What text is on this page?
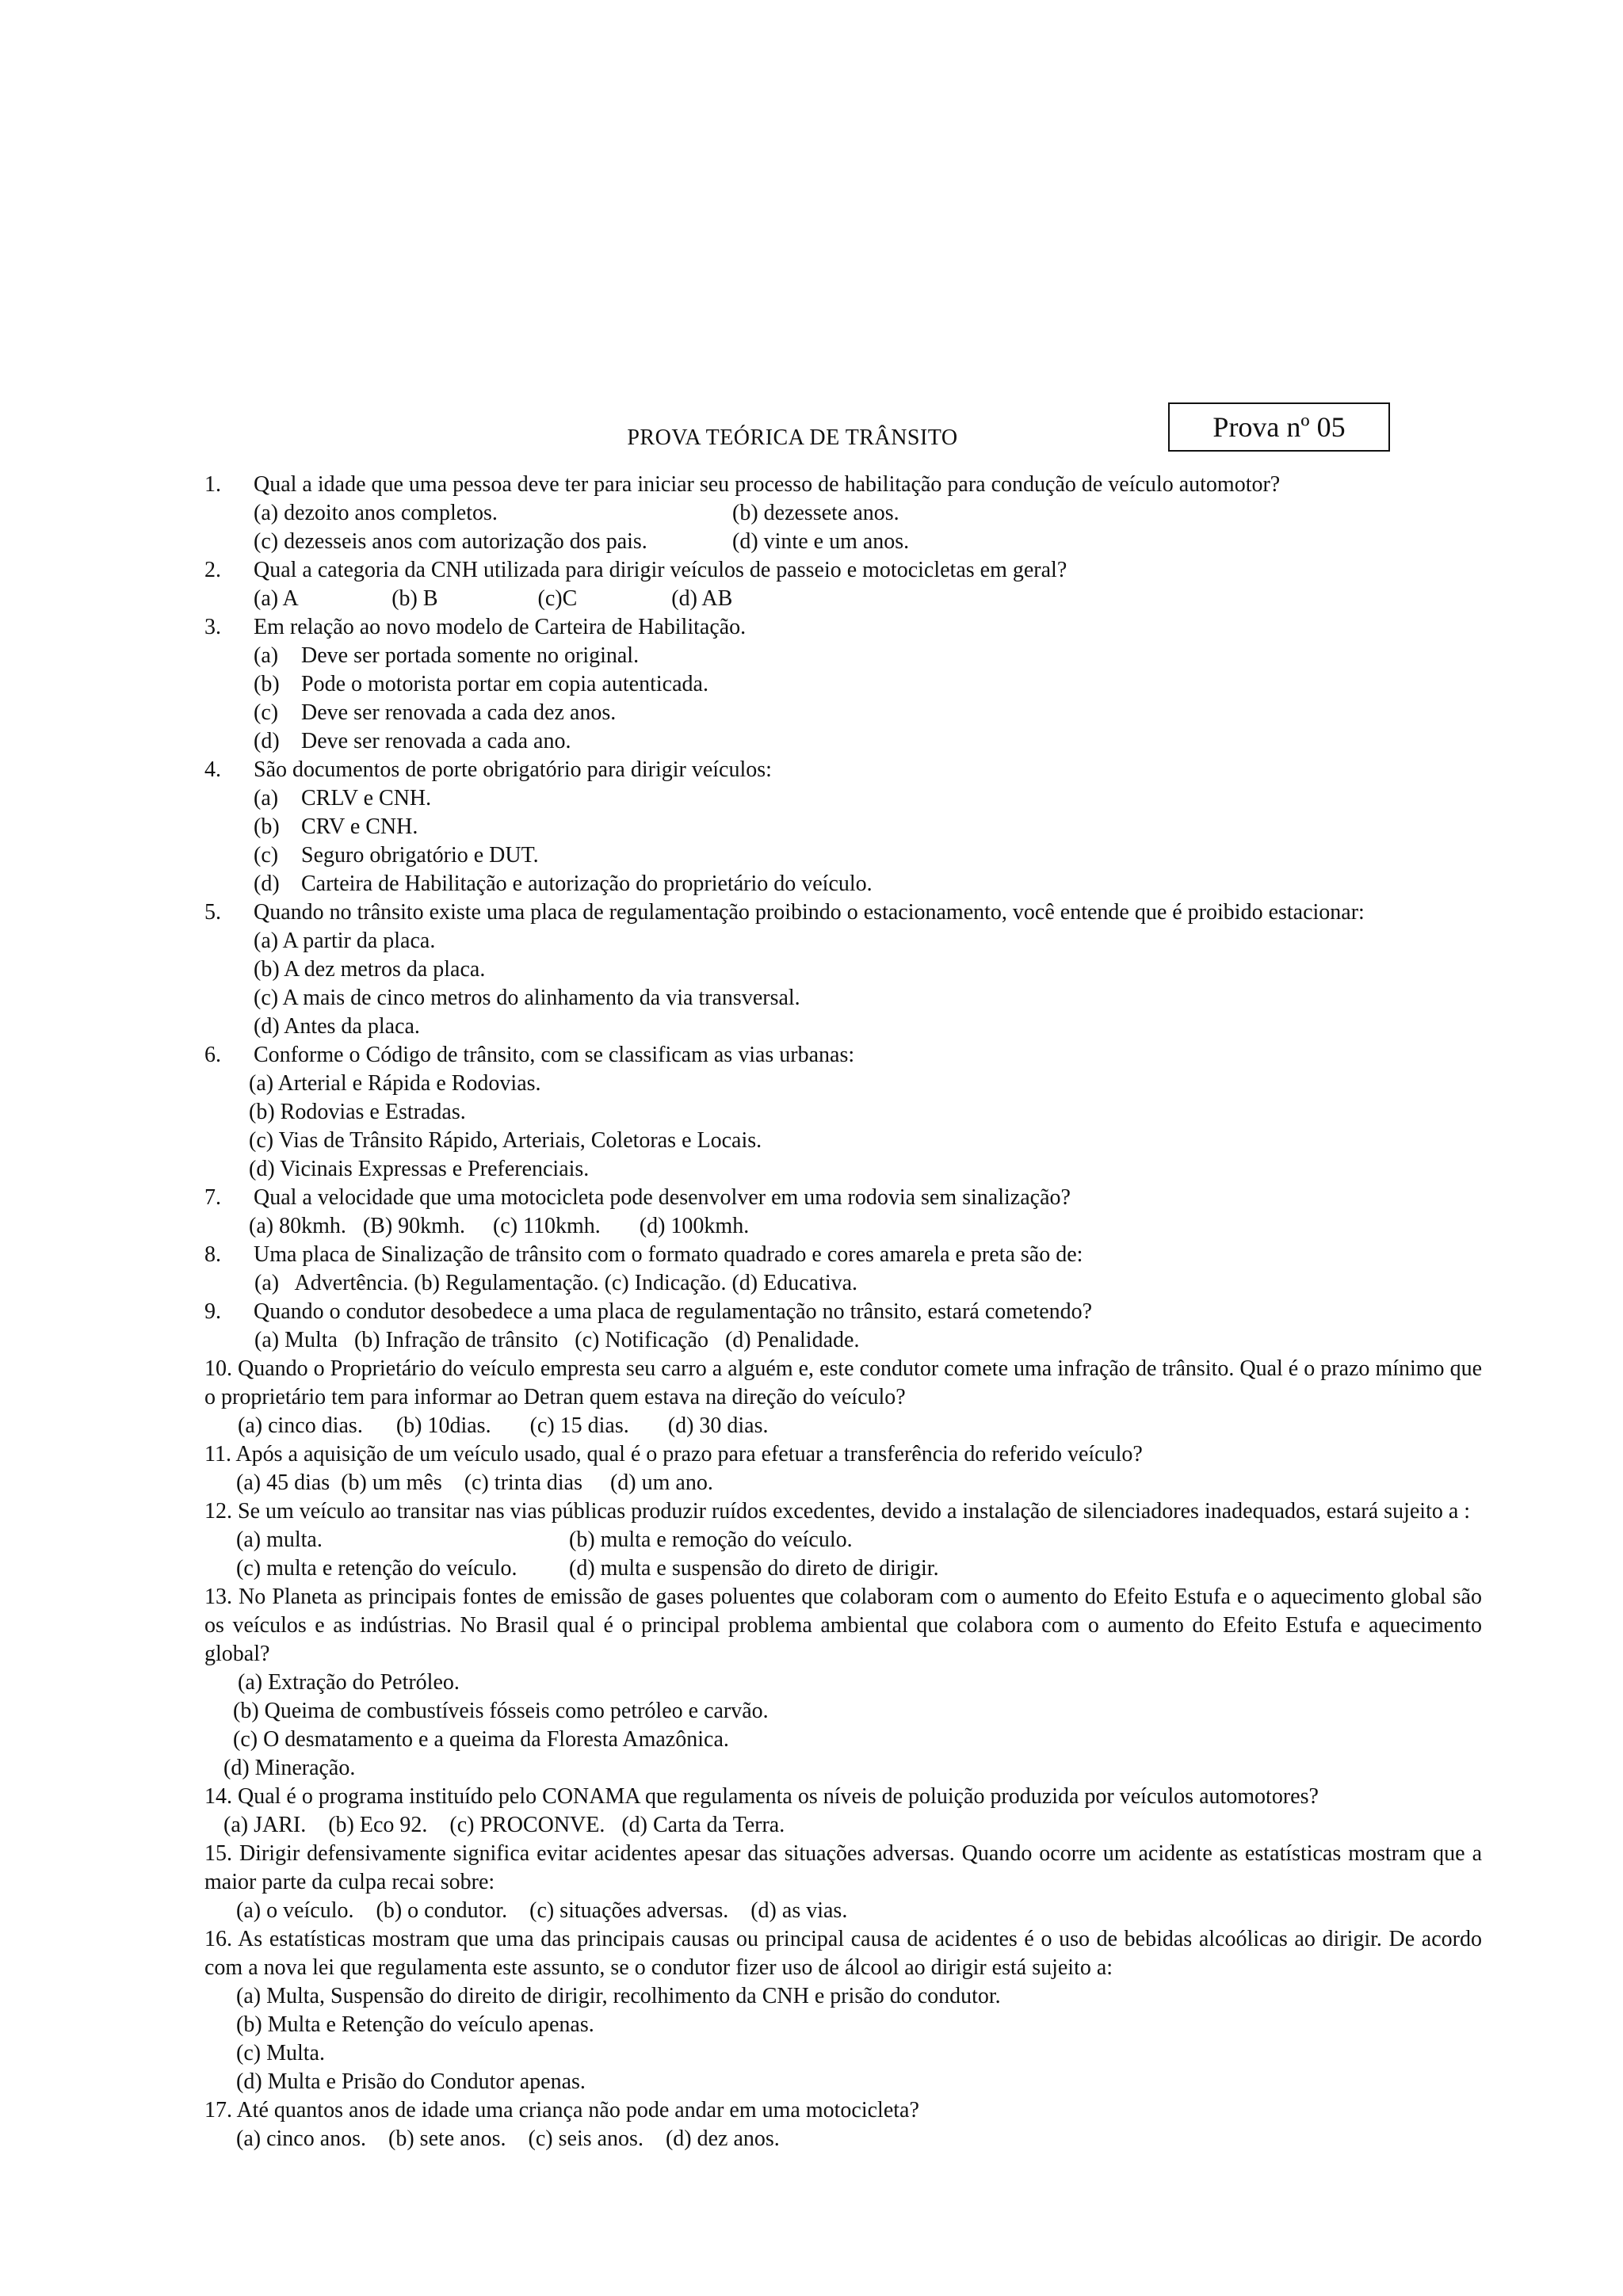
PROVA TEÓRICA DE TRÂNSITO	Prova nº 05
1. Qual a idade que uma pessoa deve ter para iniciar seu processo de habilitação para condução de veículo automotor?
(a) dezoito anos completos.	(b) dezessete anos.
(c) dezesseis anos com autorização dos pais.	(d) vinte e um anos.
2. Qual a categoria da CNH utilizada para dirigir veículos de passeio e motocicletas em geral?
(a) A                 (b) B                  (c)C                 (d) AB
3. Em relação ao novo modelo de Carteira de Habilitação.
(a) Deve ser portada somente no original.
(b) Pode o motorista portar em copia autenticada.
(c) Deve ser renovada a cada dez anos.
(d) Deve ser renovada a cada ano.
4. São documentos de porte obrigatório para dirigir veículos:
(a) CRLV e CNH.
(b) CRV e CNH.
(c) Seguro obrigatório e DUT.
(d) Carteira de Habilitação e autorização do proprietário do veículo.
5. Quando no trânsito existe uma placa de regulamentação proibindo o estacionamento, você entende que é proibido estacionar:
(a) A partir da placa.
(b) A dez metros da placa.
(c) A mais de cinco metros do alinhamento da via transversal.
(d) Antes da placa.
6. Conforme o Código de trânsito, com se classificam as vias urbanas:
(a) Arterial e Rápida e Rodovias.
(b) Rodovias e Estradas.
(c) Vias de Trânsito Rápido, Arteriais, Coletoras e Locais.
(d) Vicinais Expressas e Preferenciais.
7. Qual a velocidade que uma motocicleta pode desenvolver em uma rodovia sem sinalização?
(a) 80kmh.   (B) 90kmh.     (c) 110kmh.       (d) 100kmh.
8. Uma placa de Sinalização de trânsito com o formato quadrado e cores amarela e preta são de:
(a)   Advertência. (b) Regulamentação. (c) Indicação. (d) Educativa.
9. Quando o condutor desobedece a uma placa de regulamentação no trânsito, estará cometendo?
(a) Multa   (b) Infração de trânsito   (c) Notificação   (d) Penalidade.
10. Quando o Proprietário do veículo empresta seu carro a alguém e, este condutor comete uma infração de trânsito. Qual é o prazo mínimo que o proprietário tem para informar ao Detran quem estava na direção do veículo?
(a) cinco dias.      (b) 10dias.       (c) 15 dias.       (d) 30 dias.
11. Após a aquisição de um veículo usado, qual é o prazo para efetuar a transferência do referido veículo?
(a) 45 dias  (b) um mês    (c) trinta dias     (d) um ano.
12. Se um veículo ao transitar nas vias públicas produzir ruídos excedentes, devido a instalação de silenciadores inadequados, estará sujeito a :
(a) multa.	(b) multa e remoção do veículo.
(c) multa e retenção do veículo.	(d) multa e suspensão do direto de dirigir.
13. No Planeta as principais fontes de emissão de gases poluentes que colaboram com o aumento do Efeito Estufa e o aquecimento global são os veículos e as indústrias. No Brasil qual é o principal problema ambiental que colabora com o aumento do Efeito Estufa e aquecimento global?
(a) Extração do Petróleo.
(b) Queima de combustíveis fósseis como petróleo e carvão.
(c) O desmatamento e a queima da Floresta Amazônica.
(d) Mineração.
14. Qual é o programa instituído pelo CONAMA que regulamenta os níveis de poluição produzida por veículos automotores?
(a) JARI.    (b) Eco 92.    (c) PROCONVE.   (d) Carta da Terra.
15. Dirigir defensivamente significa evitar acidentes apesar das situações adversas. Quando ocorre um acidente as estatísticas mostram que a maior parte da culpa recai sobre:
(a) o veículo.    (b) o condutor.    (c) situações adversas.    (d) as vias.
16. As estatísticas mostram que uma das principais causas ou principal causa de acidentes é o uso de bebidas alcoólicas ao dirigir. De acordo com a nova lei que regulamenta este assunto, se o condutor fizer uso de álcool ao dirigir está sujeito a:
(a) Multa, Suspensão do direito de dirigir, recolhimento da CNH e prisão do condutor.
(b) Multa e Retenção do veículo apenas.
(c) Multa.
(d) Multa e Prisão do Condutor apenas.
17. Até quantos anos de idade uma criança não pode andar em uma motocicleta?
(a) cinco anos.    (b) sete anos.    (c) seis anos.    (d) dez anos.
